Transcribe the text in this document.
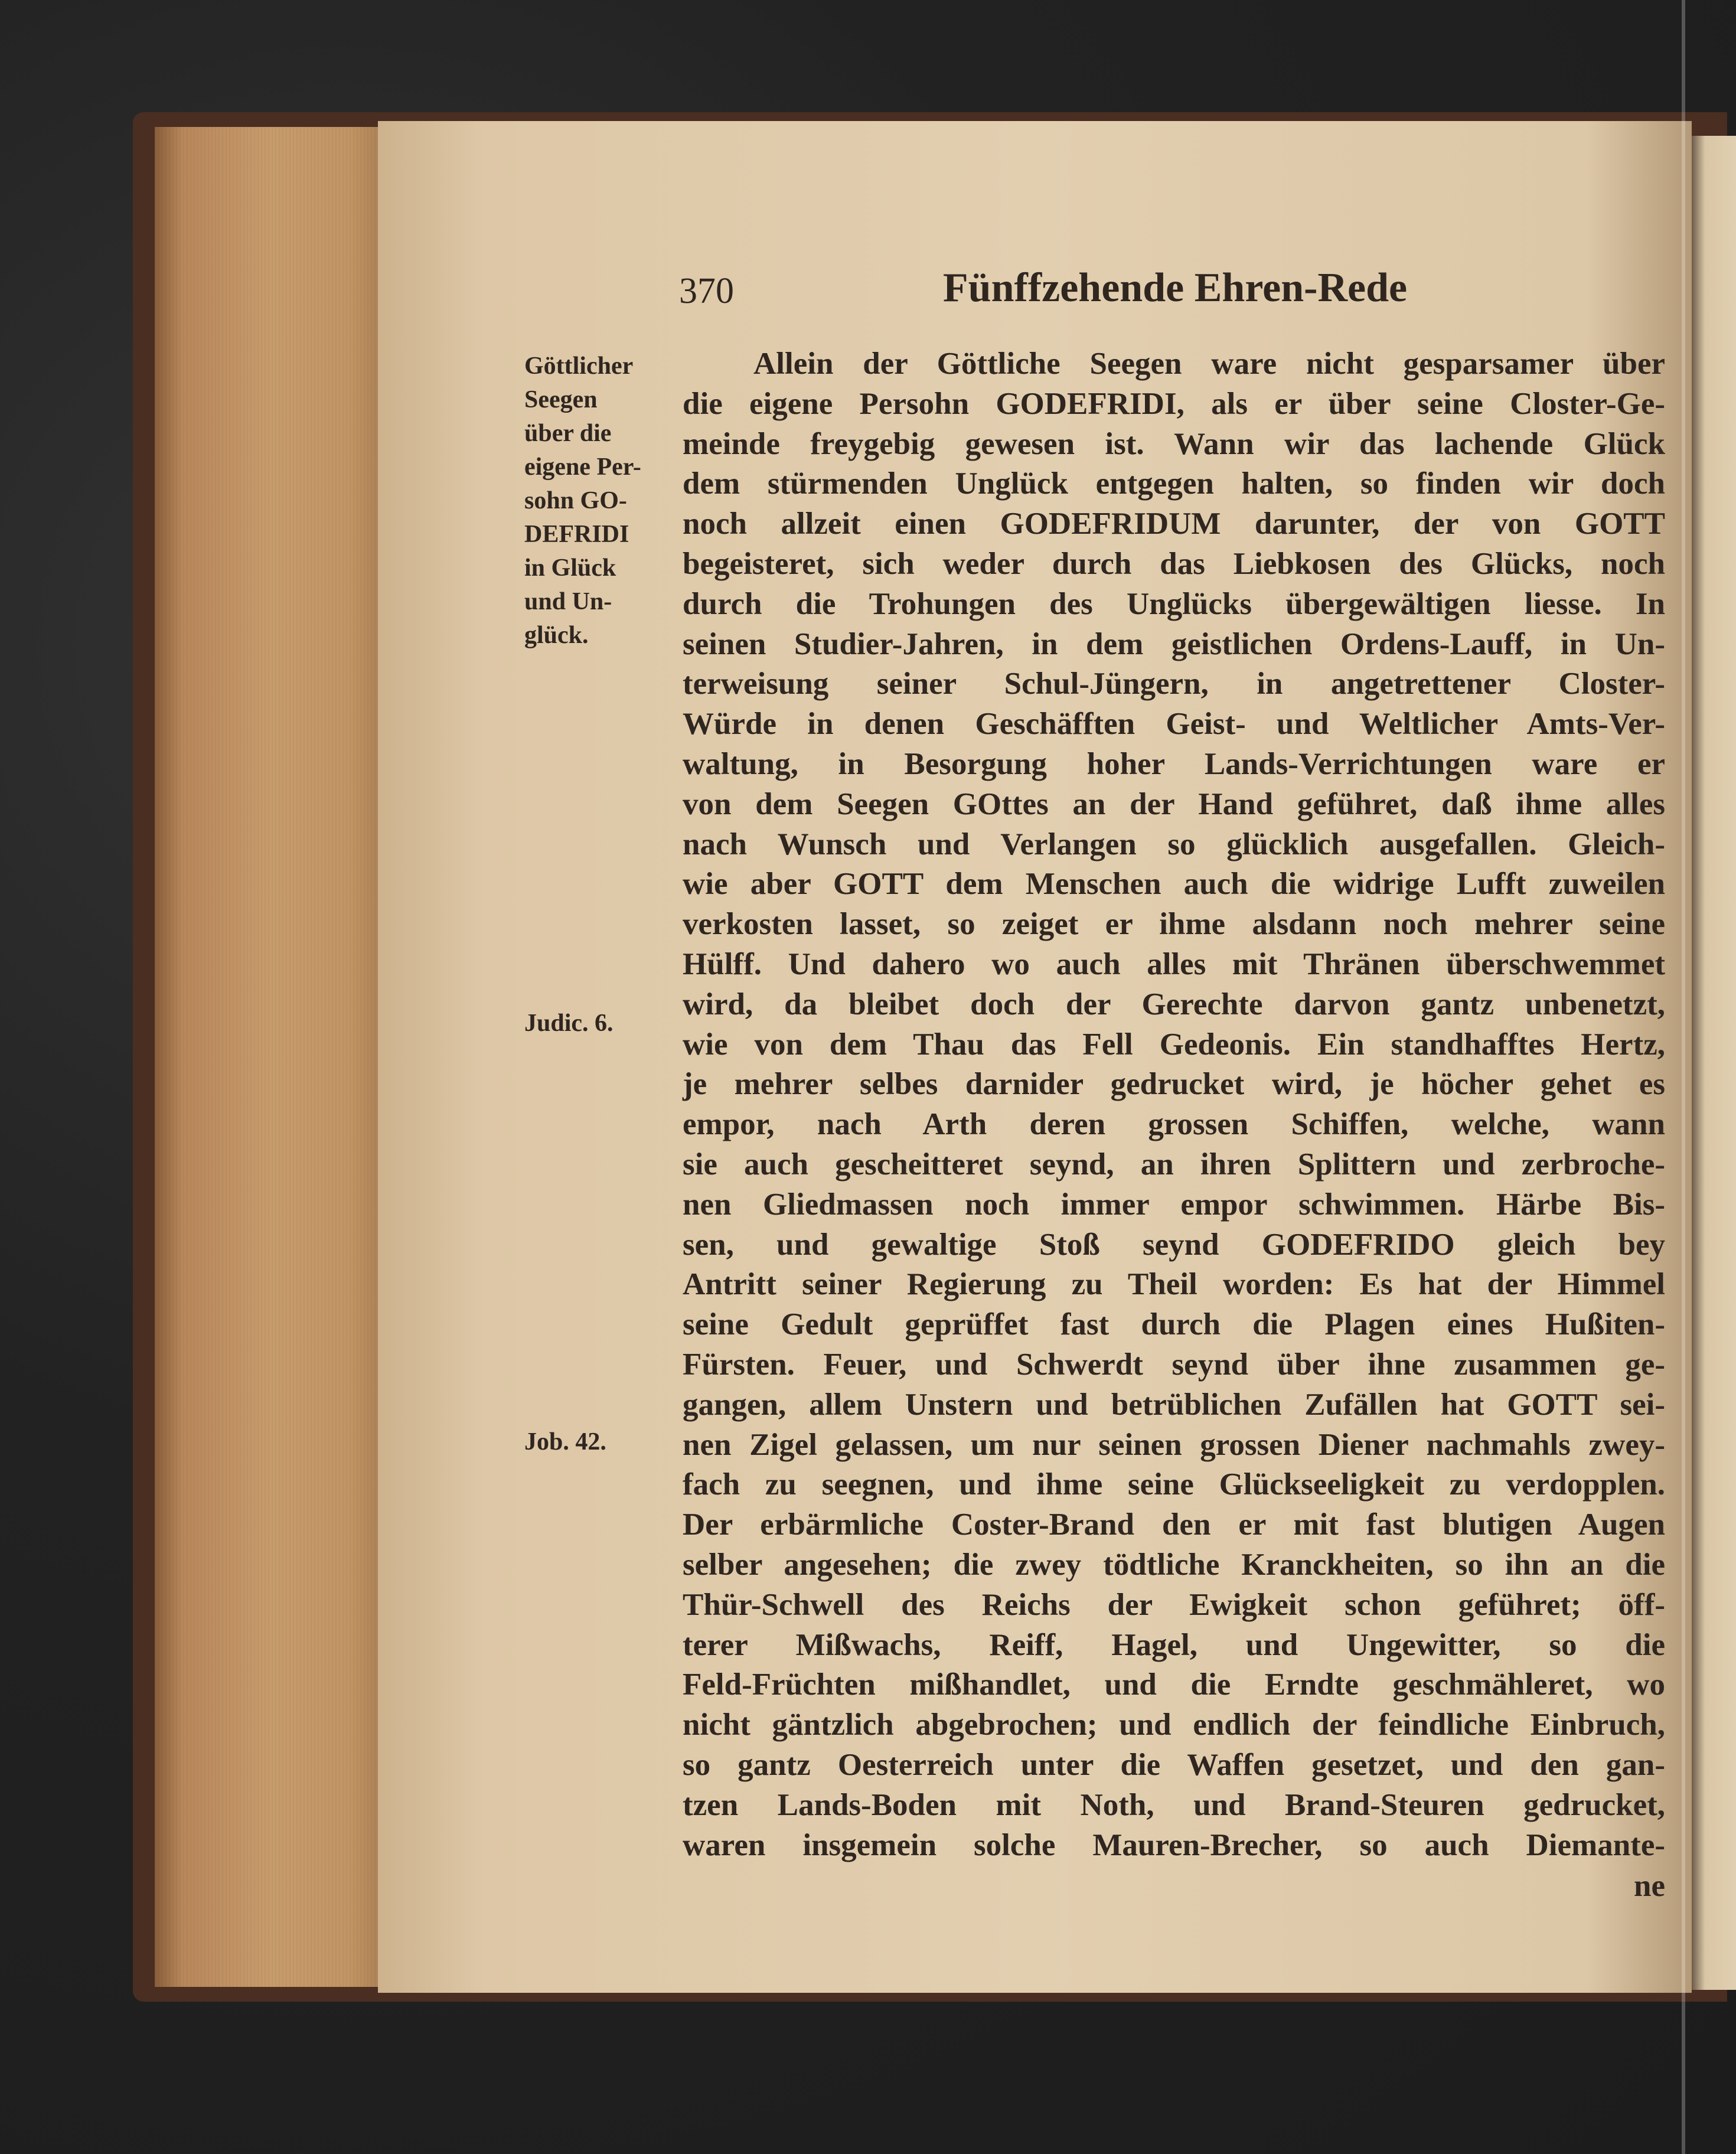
370	Fünffzehende Ehren-Rede
Göttlicher
Seegen
über die
eigene Per-
sohn GO-
DEFRIDI
in Glück
und Un-
glück.
Judic. 6.
Job. 42.
Allein der Göttliche Seegen ware nicht gesparsamer über
die eigene Persohn GODEFRIDI, als er über seine Closter-Ge-
meinde freygebig gewesen ist. Wann wir das lachende Glück
dem stürmenden Unglück entgegen halten, so finden wir doch
noch allzeit einen GODEFRIDUM darunter, der von GOTT
begeisteret, sich weder durch das Liebkosen des Glücks, noch
durch die Trohungen des Unglücks übergewältigen liesse. In
seinen Studier-Jahren, in dem geistlichen Ordens-Lauff, in Un-
terweisung seiner Schul-Jüngern, in angetrettener Closter-
Würde in denen Geschäfften Geist- und Weltlicher Amts-Ver-
waltung, in Besorgung hoher Lands-Verrichtungen ware er
von dem Seegen GOttes an der Hand geführet, daß ihme alles
nach Wunsch und Verlangen so glücklich ausgefallen. Gleich-
wie aber GOTT dem Menschen auch die widrige Lufft zuweilen
verkosten lasset, so zeiget er ihme alsdann noch mehrer seine
Hülff. Und dahero wo auch alles mit Thränen überschwemmet
wird, da bleibet doch der Gerechte darvon gantz unbenetzt,
wie von dem Thau das Fell Gedeonis. Ein standhafftes Hertz,
je mehrer selbes darnider gedrucket wird, je höcher gehet es
empor, nach Arth deren grossen Schiffen, welche, wann
sie auch gescheitteret seynd, an ihren Splittern und zerbroche-
nen Gliedmassen noch immer empor schwimmen. Härbe Bis-
sen, und gewaltige Stoß seynd GODEFRIDO gleich bey
Antritt seiner Regierung zu Theil worden: Es hat der Himmel
seine Gedult geprüffet fast durch die Plagen eines Hußiten-
Fürsten. Feuer, und Schwerdt seynd über ihne zusammen ge-
gangen, allem Unstern und betrüblichen Zufällen hat GOTT sei-
nen Zigel gelassen, um nur seinen grossen Diener nachmahls zwey-
fach zu seegnen, und ihme seine Glückseeligkeit zu verdopplen.
Der erbärmliche Coster-Brand den er mit fast blutigen Augen
selber angesehen; die zwey tödtliche Kranckheiten, so ihn an die
Thür-Schwell des Reichs der Ewigkeit schon geführet; öff-
terer Mißwachs, Reiff, Hagel, und Ungewitter, so die
Feld-Früchten mißhandlet, und die Erndte geschmähleret, wo
nicht gäntzlich abgebrochen; und endlich der feindliche Einbruch,
so gantz Oesterreich unter die Waffen gesetzet, und den gan-
tzen Lands-Boden mit Noth, und Brand-Steuren gedrucket,
waren insgemein solche Mauren-Brecher, so auch Diemante-
ne
